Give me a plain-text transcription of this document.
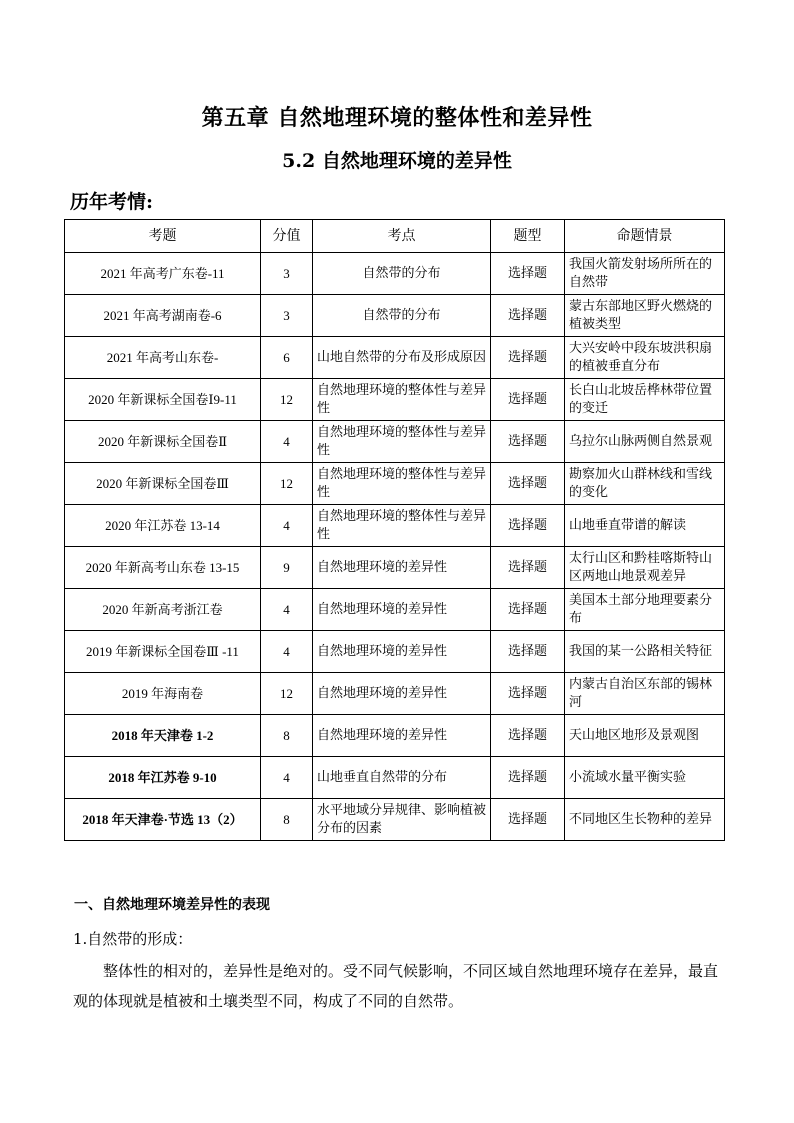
第五章 自然地理环境的整体性和差异性
5.2 自然地理环境的差异性
历年考情:
考题	分值	考点	题型	命题情景
2021 年高考广东卷-11	3	自然带的分布	选择题	我国火箭发射场所所在的自然带
2021 年高考湖南卷-6	3	自然带的分布	选择题	蒙古东部地区野火燃烧的植被类型
2021 年高考山东卷-	6	山地自然带的分布及形成原因	选择题	大兴安岭中段东坡洪积扇的植被垂直分布
2020 年新课标全国卷Ⅰ9-11	12	自然地理环境的整体性与差异性	选择题	长白山北坡岳桦林带位置的变迁
2020 年新课标全国卷Ⅱ	4	自然地理环境的整体性与差异性	选择题	乌拉尔山脉两侧自然景观
2020 年新课标全国卷Ⅲ	12	自然地理环境的整体性与差异性	选择题	勘察加火山群林线和雪线的变化
2020 年江苏卷 13-14	4	自然地理环境的整体性与差异性	选择题	山地垂直带谱的解读
2020 年新高考山东卷 13-15	9	自然地理环境的差异性	选择题	太行山区和黔桂喀斯特山区两地山地景观差异
2020 年新高考浙江卷	4	自然地理环境的差异性	选择题	美国本土部分地理要素分布
2019 年新课标全国卷Ⅲ -11	4	自然地理环境的差异性	选择题	我国的某一公路相关特征
2019 年海南卷	12	自然地理环境的差异性	选择题	内蒙古自治区东部的锡林河
2018 年天津卷 1-2	8	自然地理环境的差异性	选择题	天山地区地形及景观图
2018 年江苏卷 9-10	4	山地垂直自然带的分布	选择题	小流域水量平衡实验
2018 年天津卷·节选 13（2）	8	水平地域分异规律、影响植被分布的因素	选择题	不同地区生长物种的差异
一、自然地理环境差异性的表现
1.自然带的形成：
整体性的相对的，差异性是绝对的。受不同气候影响，不同区域自然地理环境存在差异，最直观的体现就是植被和土壤类型不同，构成了不同的自然带。
